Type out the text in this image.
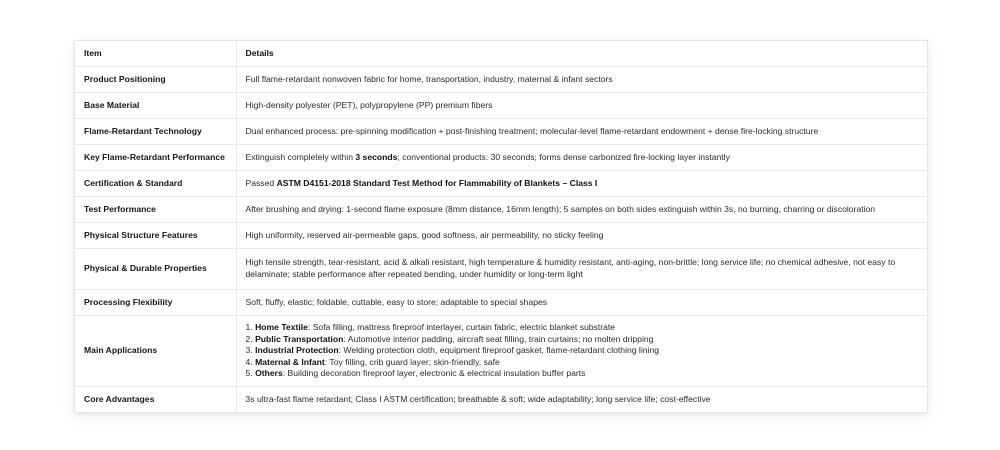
Item	Details
Product Positioning	Full flame-retardant nonwoven fabric for home, transportation, industry, maternal & infant sectors
Base Material	High-density polyester (PET), polypropylene (PP) premium fibers
Flame-Retardant Technology	Dual enhanced process: pre-spinning modification + post-finishing treatment; molecular-level flame-retardant endowment + dense fire-locking structure
Key Flame-Retardant Performance	Extinguish completely within 3 seconds; conventional products: 30 seconds; forms dense carbonized fire-locking layer instantly
Certification & Standard	Passed ASTM D4151-2018 Standard Test Method for Flammability of Blankets – Class I
Test Performance	After brushing and drying: 1-second flame exposure (8mm distance, 16mm length); 5 samples on both sides extinguish within 3s, no burning, charring or discoloration
Physical Structure Features	High uniformity, reserved air-permeable gaps, good softness, air permeability, no sticky feeling
Physical & Durable Properties	High tensile strength, tear-resistant, acid & alkali resistant, high temperature & humidity resistant, anti-aging, non-brittle; long service life; no chemical adhesive, not easy to delaminate; stable performance after repeated bending, under humidity or long-term light
Processing Flexibility	Soft, fluffy, elastic; foldable, cuttable, easy to store; adaptable to special shapes
Main Applications	1. Home Textile: Sofa filling, mattress fireproof interlayer, curtain fabric, electric blanket substrate
2. Public Transportation: Automotive interior padding, aircraft seat filling, train curtains; no molten dripping
3. Industrial Protection: Welding protection cloth, equipment fireproof gasket, flame-retardant clothing lining
4. Maternal & Infant: Toy filling, crib guard layer; skin-friendly, safe
5. Others: Building decoration fireproof layer, electronic & electrical insulation buffer parts

Core Advantages	3s ultra-fast flame retardant; Class I ASTM certification; breathable & soft; wide adaptability; long service life; cost-effective
